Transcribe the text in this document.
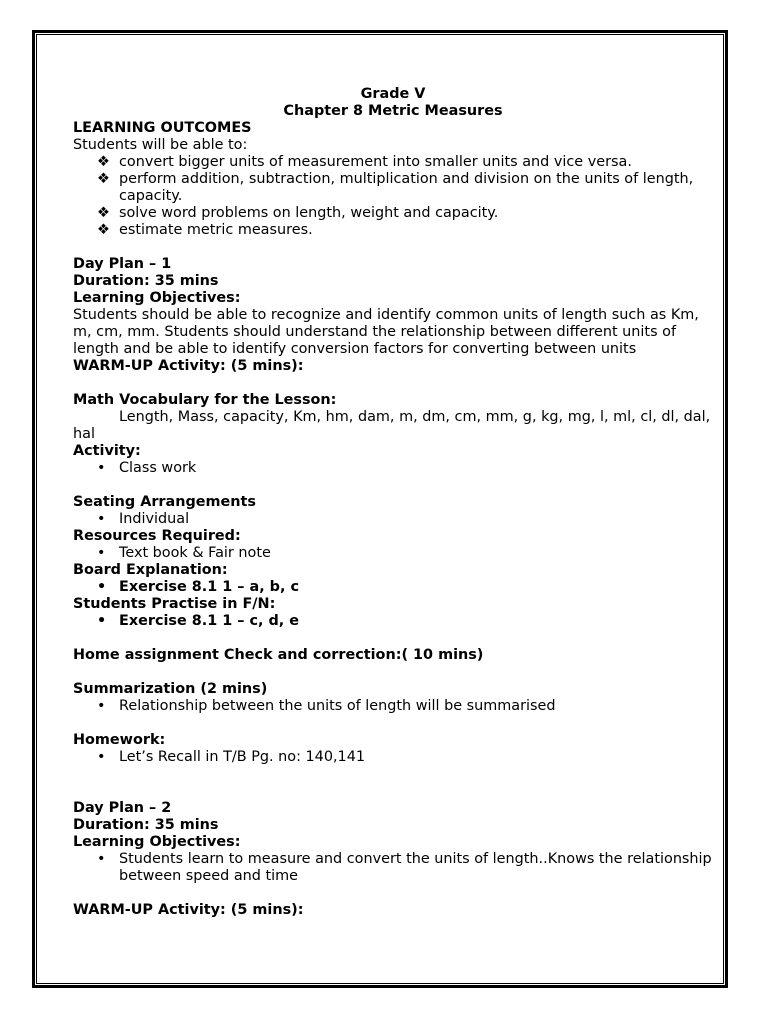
Grade V
Chapter 8 Metric Measures
LEARNING OUTCOMES
Students will be able to:
❖ convert bigger units of measurement into smaller units and vice versa.
❖ perform addition, subtraction, multiplication and division on the units of length, capacity.
❖ solve word problems on length, weight and capacity.
❖ estimate metric measures.
Day Plan – 1
Duration: 35 mins
Learning Objectives:
Students should be able to recognize and identify common units of length such as Km, m, cm, mm. Students should understand the relationship between different units of length and be able to identify conversion factors for converting between units
WARM-UP Activity: (5 mins):
Math Vocabulary for the Lesson:
Length, Mass, capacity, Km, hm, dam, m, dm, cm, mm, g, kg, mg, l, ml, cl, dl, dal, hal
Activity:
• Class work
Seating Arrangements
• Individual
Resources Required:
• Text book & Fair note
Board Explanation:
• Exercise 8.1 1 – a, b, c
Students Practise in F/N:
• Exercise 8.1 1 – c, d, e
Home assignment Check and correction:( 10 mins)
Summarization (2 mins)
• Relationship between the units of length will be summarised
Homework:
• Let’s Recall in T/B Pg. no: 140,141
Day Plan – 2
Duration: 35 mins
Learning Objectives:
• Students learn to measure and convert the units of length..Knows the relationship between speed and time
WARM-UP Activity: (5 mins):
